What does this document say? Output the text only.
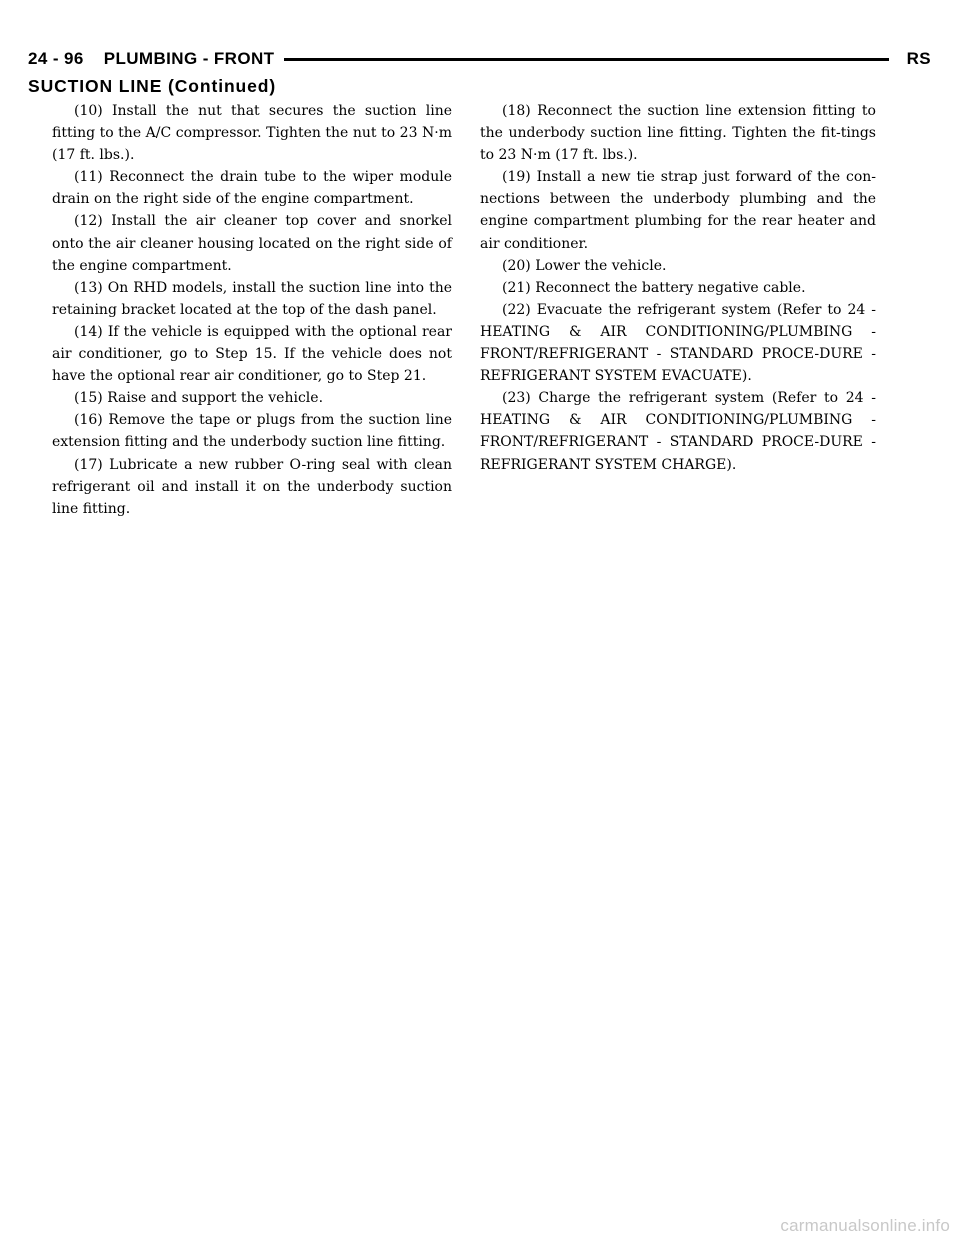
24 - 96 PLUMBING - FRONT	RS
SUCTION LINE (Continued)

(10) Install the nut that secures the suction line fitting to the A/C compressor. Tighten the nut to 23 N·m (17 ft. lbs.).

(11) Reconnect the drain tube to the wiper module drain on the right side of the engine compartment.

(12) Install the air cleaner top cover and snorkel onto the air cleaner housing located on the right side of the engine compartment.

(13) On RHD models, install the suction line into the retaining bracket located at the top of the dash panel.

(14) If the vehicle is equipped with the optional rear air conditioner, go to Step 15. If the vehicle does not have the optional rear air conditioner, go to Step 21.

(15) Raise and support the vehicle.

(16) Remove the tape or plugs from the suction line extension fitting and the underbody suction line fitting.

(17) Lubricate a new rubber O-ring seal with clean refrigerant oil and install it on the underbody suction line fitting.

(18) Reconnect the suction line extension fitting to the underbody suction line fitting. Tighten the fit-tings to 23 N·m (17 ft. lbs.).

(19) Install a new tie strap just forward of the con-nections between the underbody plumbing and the engine compartment plumbing for the rear heater and air conditioner.

(20) Lower the vehicle.

(21) Reconnect the battery negative cable.

(22) Evacuate the refrigerant system (Refer to 24 - HEATING & AIR CONDITIONING/PLUMBING - FRONT/REFRIGERANT - STANDARD PROCE-DURE - REFRIGERANT SYSTEM EVACUATE).

(23) Charge the refrigerant system (Refer to 24 - HEATING & AIR CONDITIONING/PLUMBING - FRONT/REFRIGERANT - STANDARD PROCE-DURE - REFRIGERANT SYSTEM CHARGE).

carmanualsonline.info
